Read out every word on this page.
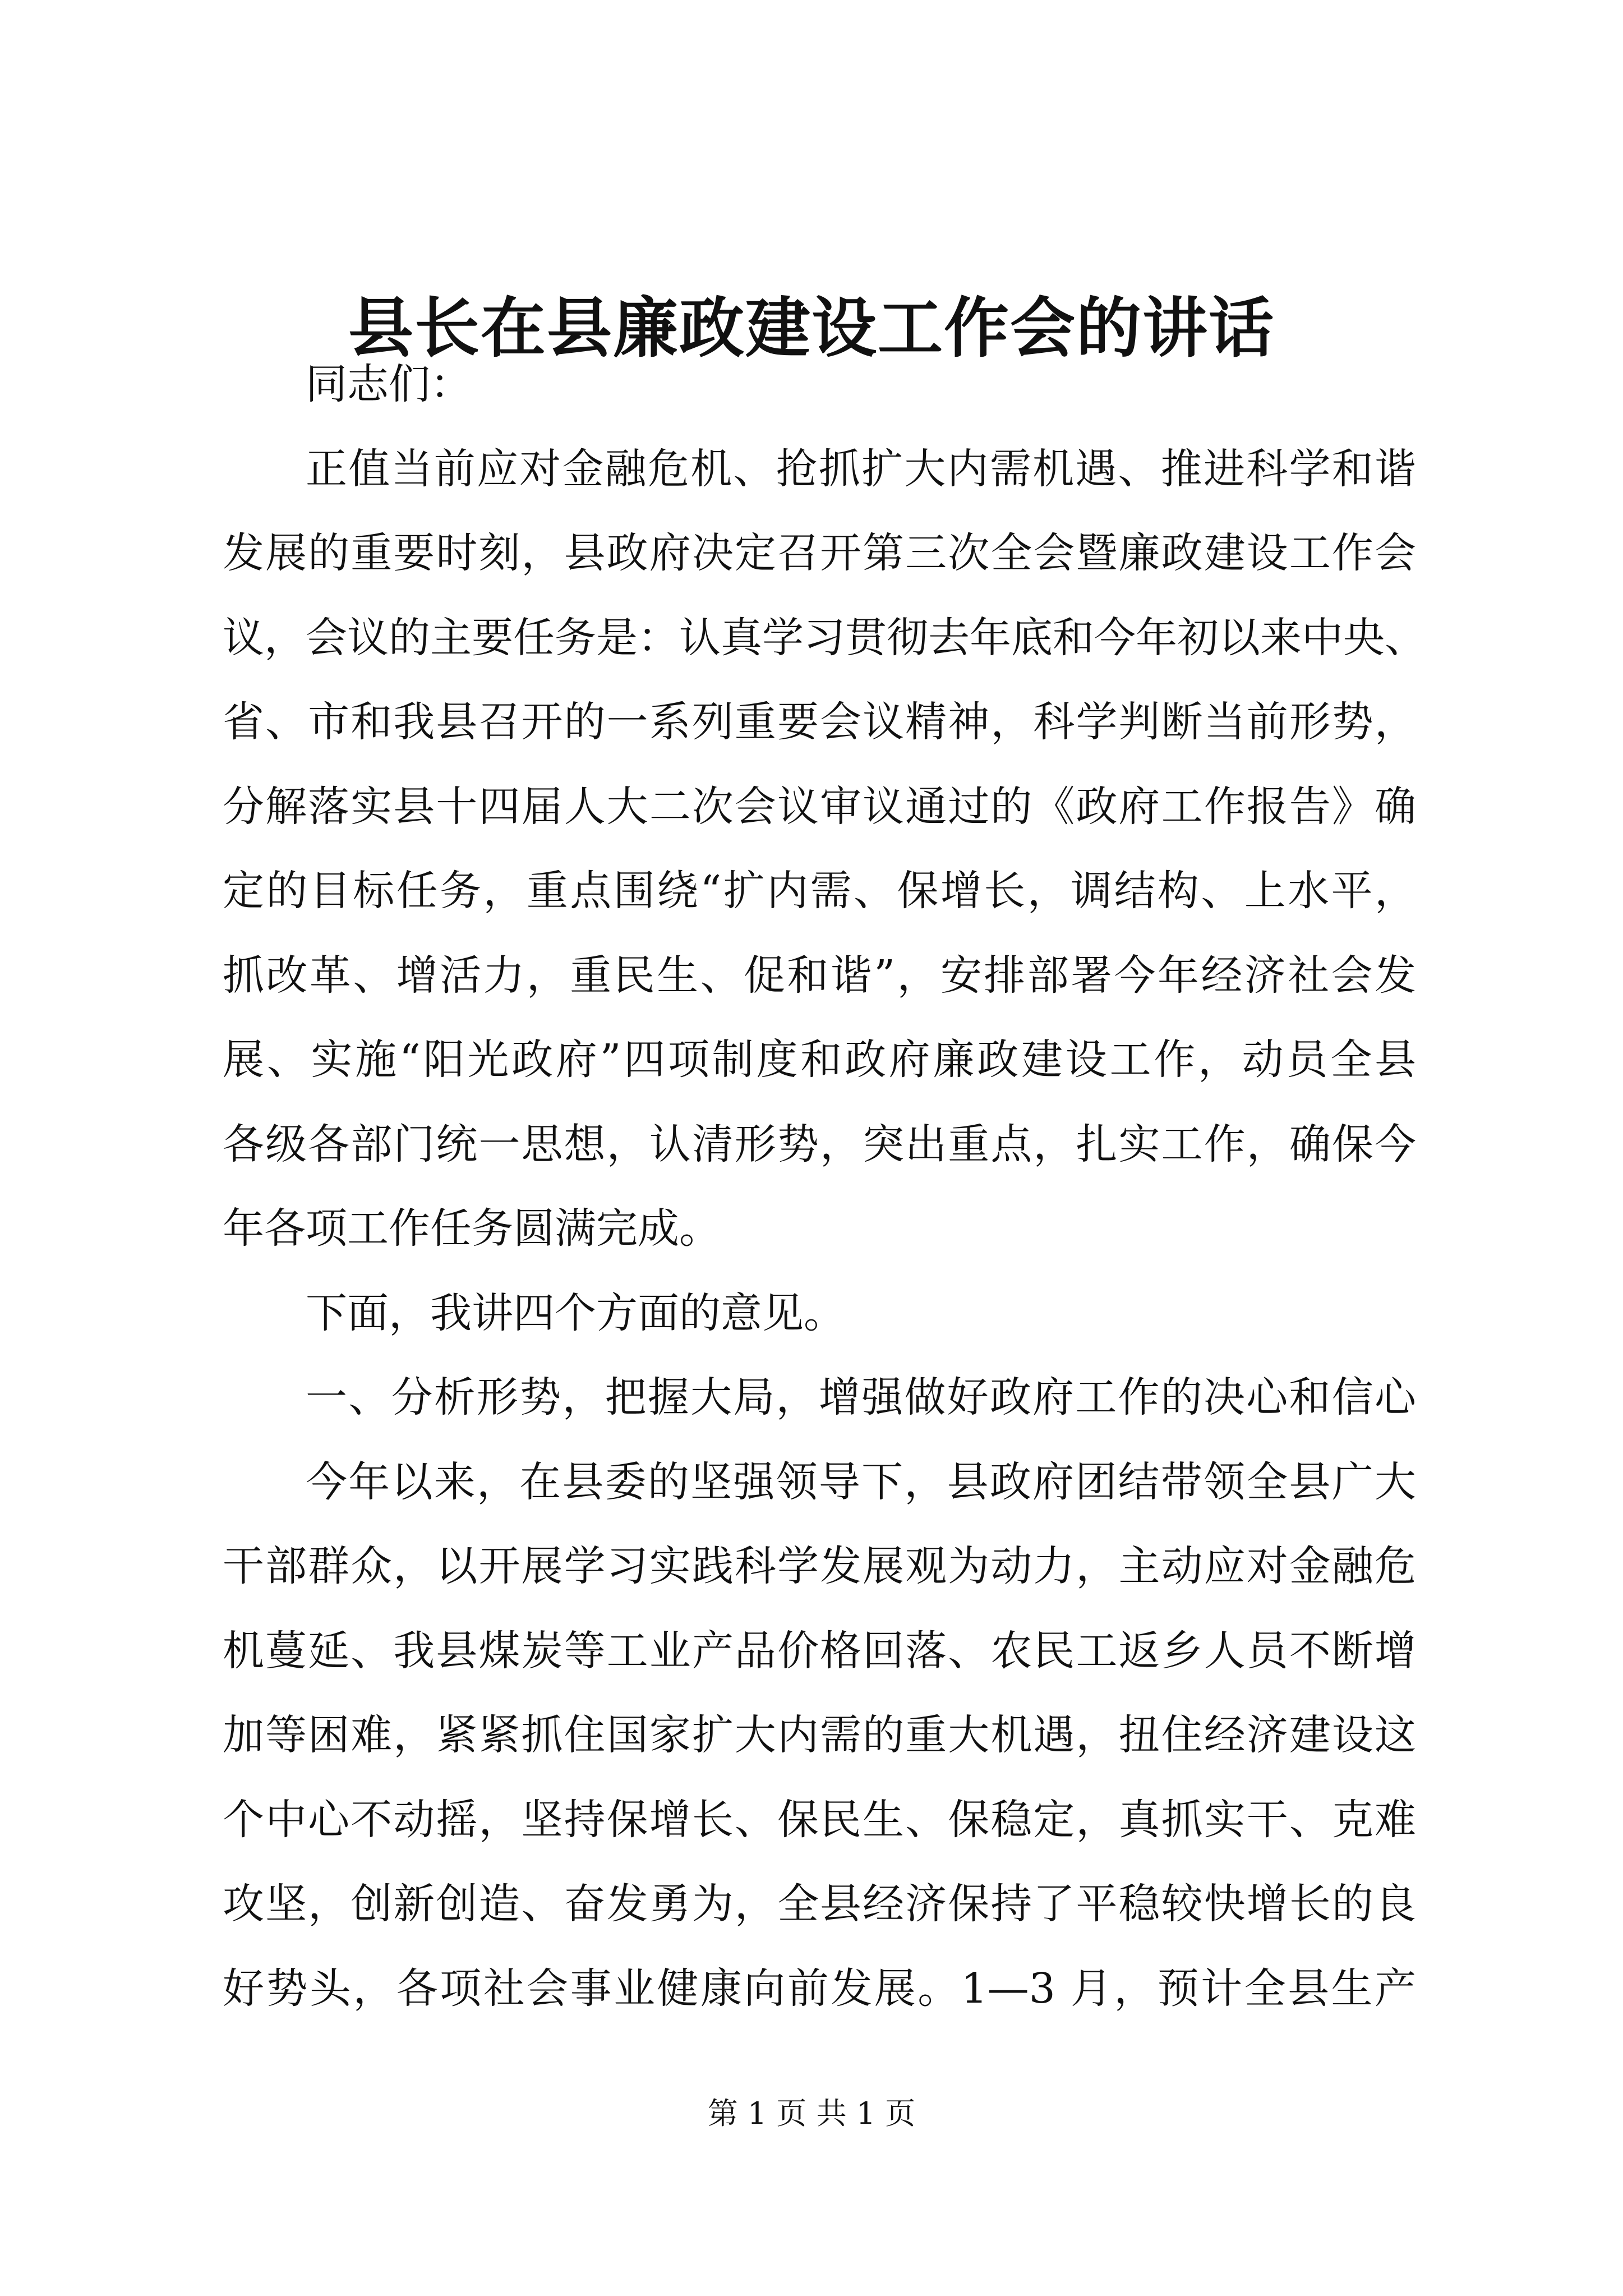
县长在县廉政建设工作会的讲话
同志们：
正值当前应对金融危机、抢抓扩大内需机遇、推进科学和谐
发展的重要时刻，县政府决定召开第三次全会暨廉政建设工作会
议，会议的主要任务是：认真学习贯彻去年底和今年初以来中央、
省、市和我县召开的一系列重要会议精神，科学判断当前形势，
分解落实县十四届人大二次会议审议通过的《政府工作报告》确
定的目标任务，重点围绕“扩内需、保增长，调结构、上水平，
抓改革、增活力，重民生、促和谐”，安排部署今年经济社会发
展、实施“阳光政府”四项制度和政府廉政建设工作，动员全县
各级各部门统一思想，认清形势，突出重点，扎实工作，确保今
年各项工作任务圆满完成。
下面，我讲四个方面的意见。
一、分析形势，把握大局，增强做好政府工作的决心和信心
今年以来，在县委的坚强领导下，县政府团结带领全县广大
干部群众，以开展学习实践科学发展观为动力，主动应对金融危
机蔓延、我县煤炭等工业产品价格回落、农民工返乡人员不断增
加等困难，紧紧抓住国家扩大内需的重大机遇，扭住经济建设这
个中心不动摇，坚持保增长、保民生、保稳定，真抓实干、克难
攻坚，创新创造、奋发勇为，全县经济保持了平稳较快增长的良
好势头，各项社会事业健康向前发展。1—3 月，预计全县生产
第 1 页 共 1 页
